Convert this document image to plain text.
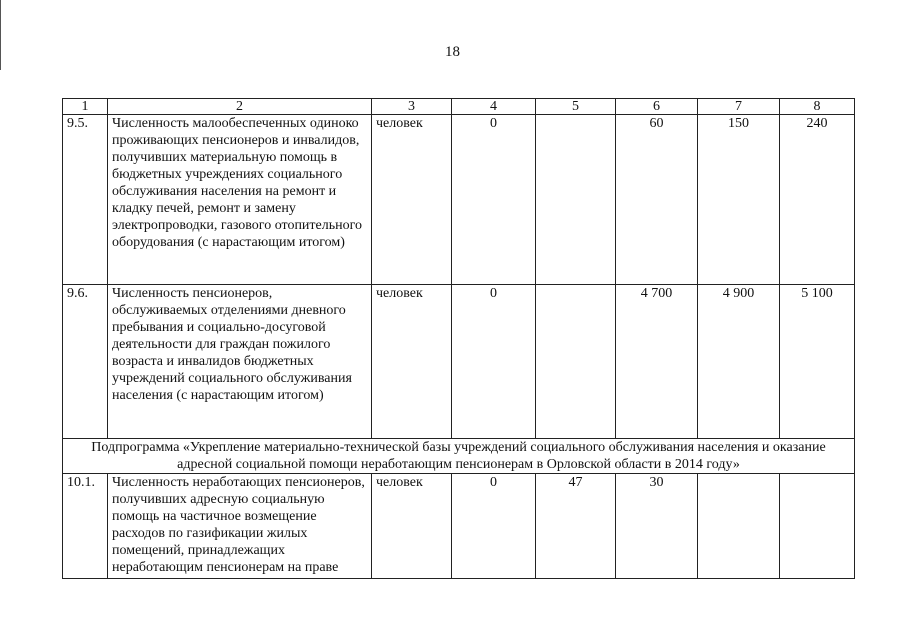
18
1	2	3	4	5	6	7	8
9.5.	Численность малообеспеченных одиноко проживающих пенсионеров и инвалидов, получивших материальную помощь в бюджетных учреждениях социального обслуживания населения на ремонт и кладку печей, ремонт и замену электропроводки, газового отопительного оборудования (с нарастающим итогом)	человек	0		60	150	240
9.6.	Численность пенсионеров, обслуживаемых отделениями дневного пребывания и социально-досуговой деятельности для граждан пожилого возраста и инвалидов бюджетных учреждений социального обслуживания населения (с нарастающим итогом)	человек	0		4 700	4 900	5 100
Подпрограмма «Укрепление материально-технической базы учреждений социального обслуживания населения и оказание адресной социальной помощи неработающим пенсионерам в Орловской области в 2014 году»							
10.1.	Численность неработающих пенсионеров, получивших адресную социальную помощь на частичное возмещение расходов по газификации жилых помещений, принадлежащих неработающим пенсионерам на праве	человек	0	47	30		
